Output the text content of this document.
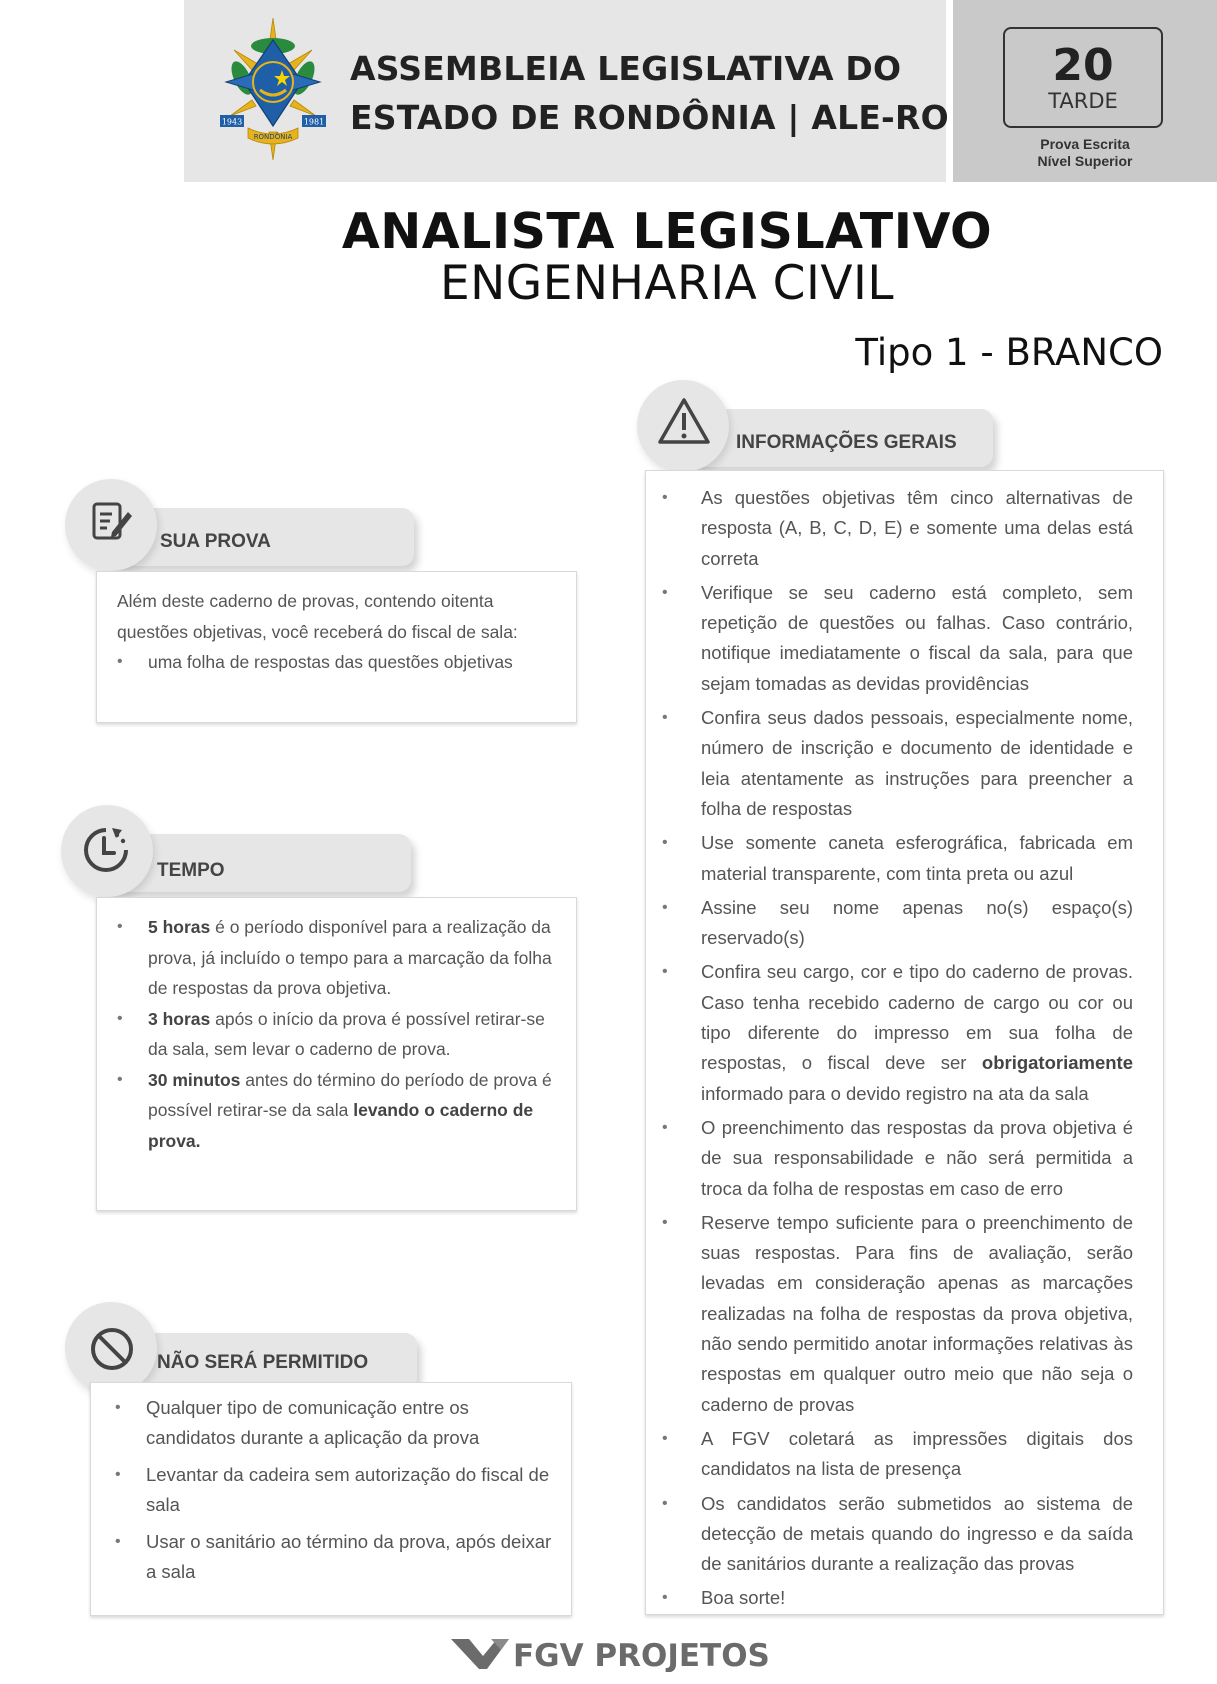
1943	1981
RONDÔNIA
ASSEMBLEIA LEGISLATIVA DO
ESTADO DE RONDÔNIA | ALE-RO
20
TARDE
Prova Escrita
Nível Superior
ANALISTA LEGISLATIVO
ENGENHARIA CIVIL
Tipo 1 - BRANCO
SUA PROVA
Além deste caderno de provas, contendo oitenta questões objetivas, você receberá do fiscal de sala:
• uma folha de respostas das questões objetivas
TEMPO
• 5 horas é o período disponível para a realização da prova, já incluído o tempo para a marcação da folha de respostas da prova objetiva.
• 3 horas após o início da prova é possível retirar-se da sala, sem levar o caderno de prova.
• 30 minutos antes do término do período de prova é possível retirar-se da sala levando o caderno de prova.
NÃO SERÁ PERMITIDO
• Qualquer tipo de comunicação entre os candidatos durante a aplicação da prova
• Levantar da cadeira sem autorização do fiscal de sala
• Usar o sanitário ao término da prova, após deixar a sala
INFORMAÇÕES GERAIS
• As questões objetivas têm cinco alternativas de resposta (A, B, C, D, E) e somente uma delas está correta
• Verifique se seu caderno está completo, sem repetição de questões ou falhas. Caso contrário, notifique imediatamente o fiscal da sala, para que sejam tomadas as devidas providências
• Confira seus dados pessoais, especialmente nome, número de inscrição e documento de identidade e leia atentamente as instruções para preencher a folha de respostas
• Use somente caneta esferográfica, fabricada em material transparente, com tinta preta ou azul
• Assine seu nome apenas no(s) espaço(s) reservado(s)
• Confira seu cargo, cor e tipo do caderno de provas. Caso tenha recebido caderno de cargo ou cor ou tipo diferente do impresso em sua folha de respostas, o fiscal deve ser obrigatoriamente informado para o devido registro na ata da sala
• O preenchimento das respostas da prova objetiva é de sua responsabilidade e não será permitida a troca da folha de respostas em caso de erro
• Reserve tempo suficiente para o preenchimento de suas respostas. Para fins de avaliação, serão levadas em consideração apenas as marcações realizadas na folha de respostas da prova objetiva, não sendo permitido anotar informações relativas às respostas em qualquer outro meio que não seja o caderno de provas
• A FGV coletará as impressões digitais dos candidatos na lista de presença
• Os candidatos serão submetidos ao sistema de detecção de metais quando do ingresso e da saída de sanitários durante a realização das provas
• Boa sorte!
FGV PROJETOS
